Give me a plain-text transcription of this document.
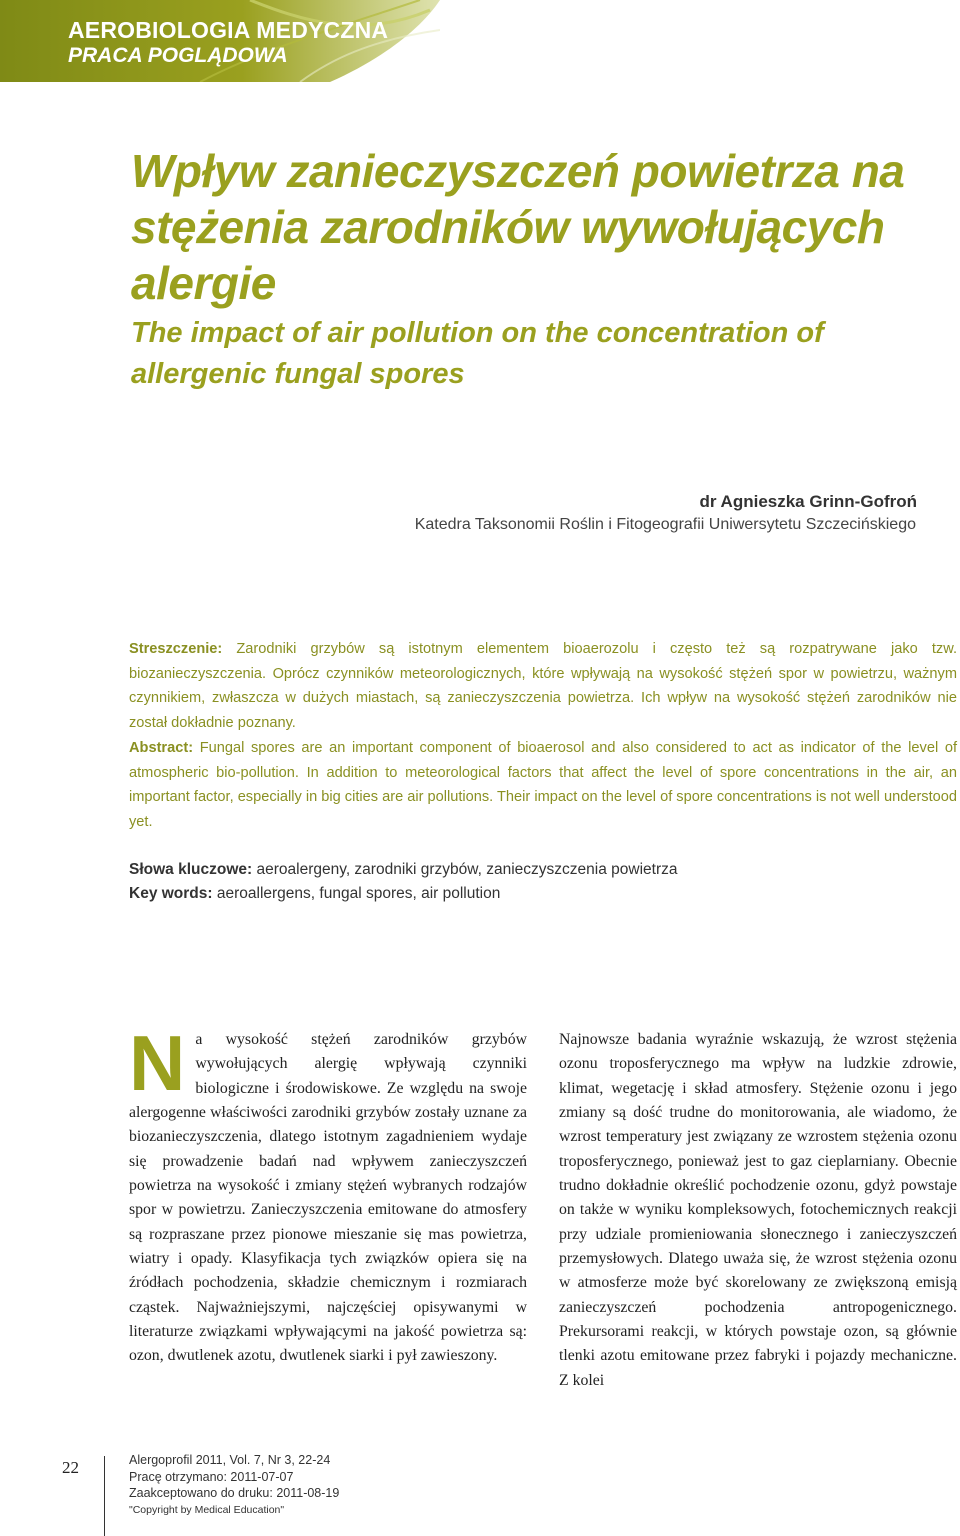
AEROBIOLOGIA MEDYCZNA
PRACA POGLĄDOWA
Wpływ zanieczyszczeń powietrza na stężenia zarodników wywołujących alergie
The impact of air pollution on the concentration of allergenic fungal spores
dr Agnieszka Grinn-Gofroń
Katedra Taksonomii Roślin i Fitogeografii Uniwersytetu Szczecińskiego

Streszczenie: Zarodniki grzybów są istotnym elementem bioaerozolu i często też są rozpatrywane jako tzw. biozanieczyszczenia. Oprócz czynników meteorologicznych, które wpływają na wysokość stężeń spor w powietrzu, ważnym czynnikiem, zwłaszcza w dużych miastach, są zanieczyszczenia powietrza. Ich wpływ na wysokość stężeń zarodników nie został dokładnie poznany.

Abstract: Fungal spores are an important component of bioaerosol and also considered to act as indicator of the level of atmospheric bio-pollution. In addition to meteorological factors that affect the level of spore concentrations in the air, an important factor, especially in big cities are air pollutions. Their impact on the level of spore concentrations is not well understood yet.

Słowa kluczowe: aeroalergeny, zarodniki grzybów, zanieczyszczenia powietrza
Key words: aeroallergens, fungal spores, air pollution

Na wysokość stężeń zarodników grzybów wywołujących alergię wpływają czynniki biologiczne i środowiskowe. Ze względu na swoje alergogenne właściwości zarodniki grzybów zostały uznane za biozanieczyszczenia, dlatego istotnym zagadnieniem wydaje się prowadzenie badań nad wpływem zanieczyszczeń powietrza na wysokość i zmiany stężeń wybranych rodzajów spor w powietrzu. Zanieczyszczenia emitowane do atmosfery są rozpraszane przez pionowe mieszanie się mas powietrza, wiatry i opady. Klasyfikacja tych związków opiera się na źródłach pochodzenia, składzie chemicznym i rozmiarach cząstek. Najważniejszymi, najczęściej opisywanymi w literaturze związkami wpływającymi na jakość powietrza są: ozon, dwutlenek azotu, dwutlenek siarki i pył zawieszony.

Najnowsze badania wyraźnie wskazują, że wzrost stężenia ozonu troposferycznego ma wpływ na ludzkie zdrowie, klimat, wegetację i skład atmosfery. Stężenie ozonu i jego zmiany są dość trudne do monitorowania, ale wiadomo, że wzrost temperatury jest związany ze wzrostem stężenia ozonu troposferycznego, ponieważ jest to gaz cieplarniany. Obecnie trudno dokładnie określić pochodzenie ozonu, gdyż powstaje on także w wyniku kompleksowych, fotochemicznych reakcji przy udziale promieniowania słonecznego i zanieczyszczeń przemysłowych. Dlatego uważa się, że wzrost stężenia ozonu w atmosferze może być skorelowany ze zwiększoną emisją zanieczyszczeń pochodzenia antropogenicznego. Prekursorami reakcji, w których powstaje ozon, są głównie tlenki azotu emitowane przez fabryki i pojazdy mechaniczne. Z kolei

22	Alergoprofil 2011, Vol. 7, Nr 3, 22-24
Pracę otrzymano: 2011-07-07
Zaakceptowano do druku: 2011-08-19
"Copyright by Medical Education"
